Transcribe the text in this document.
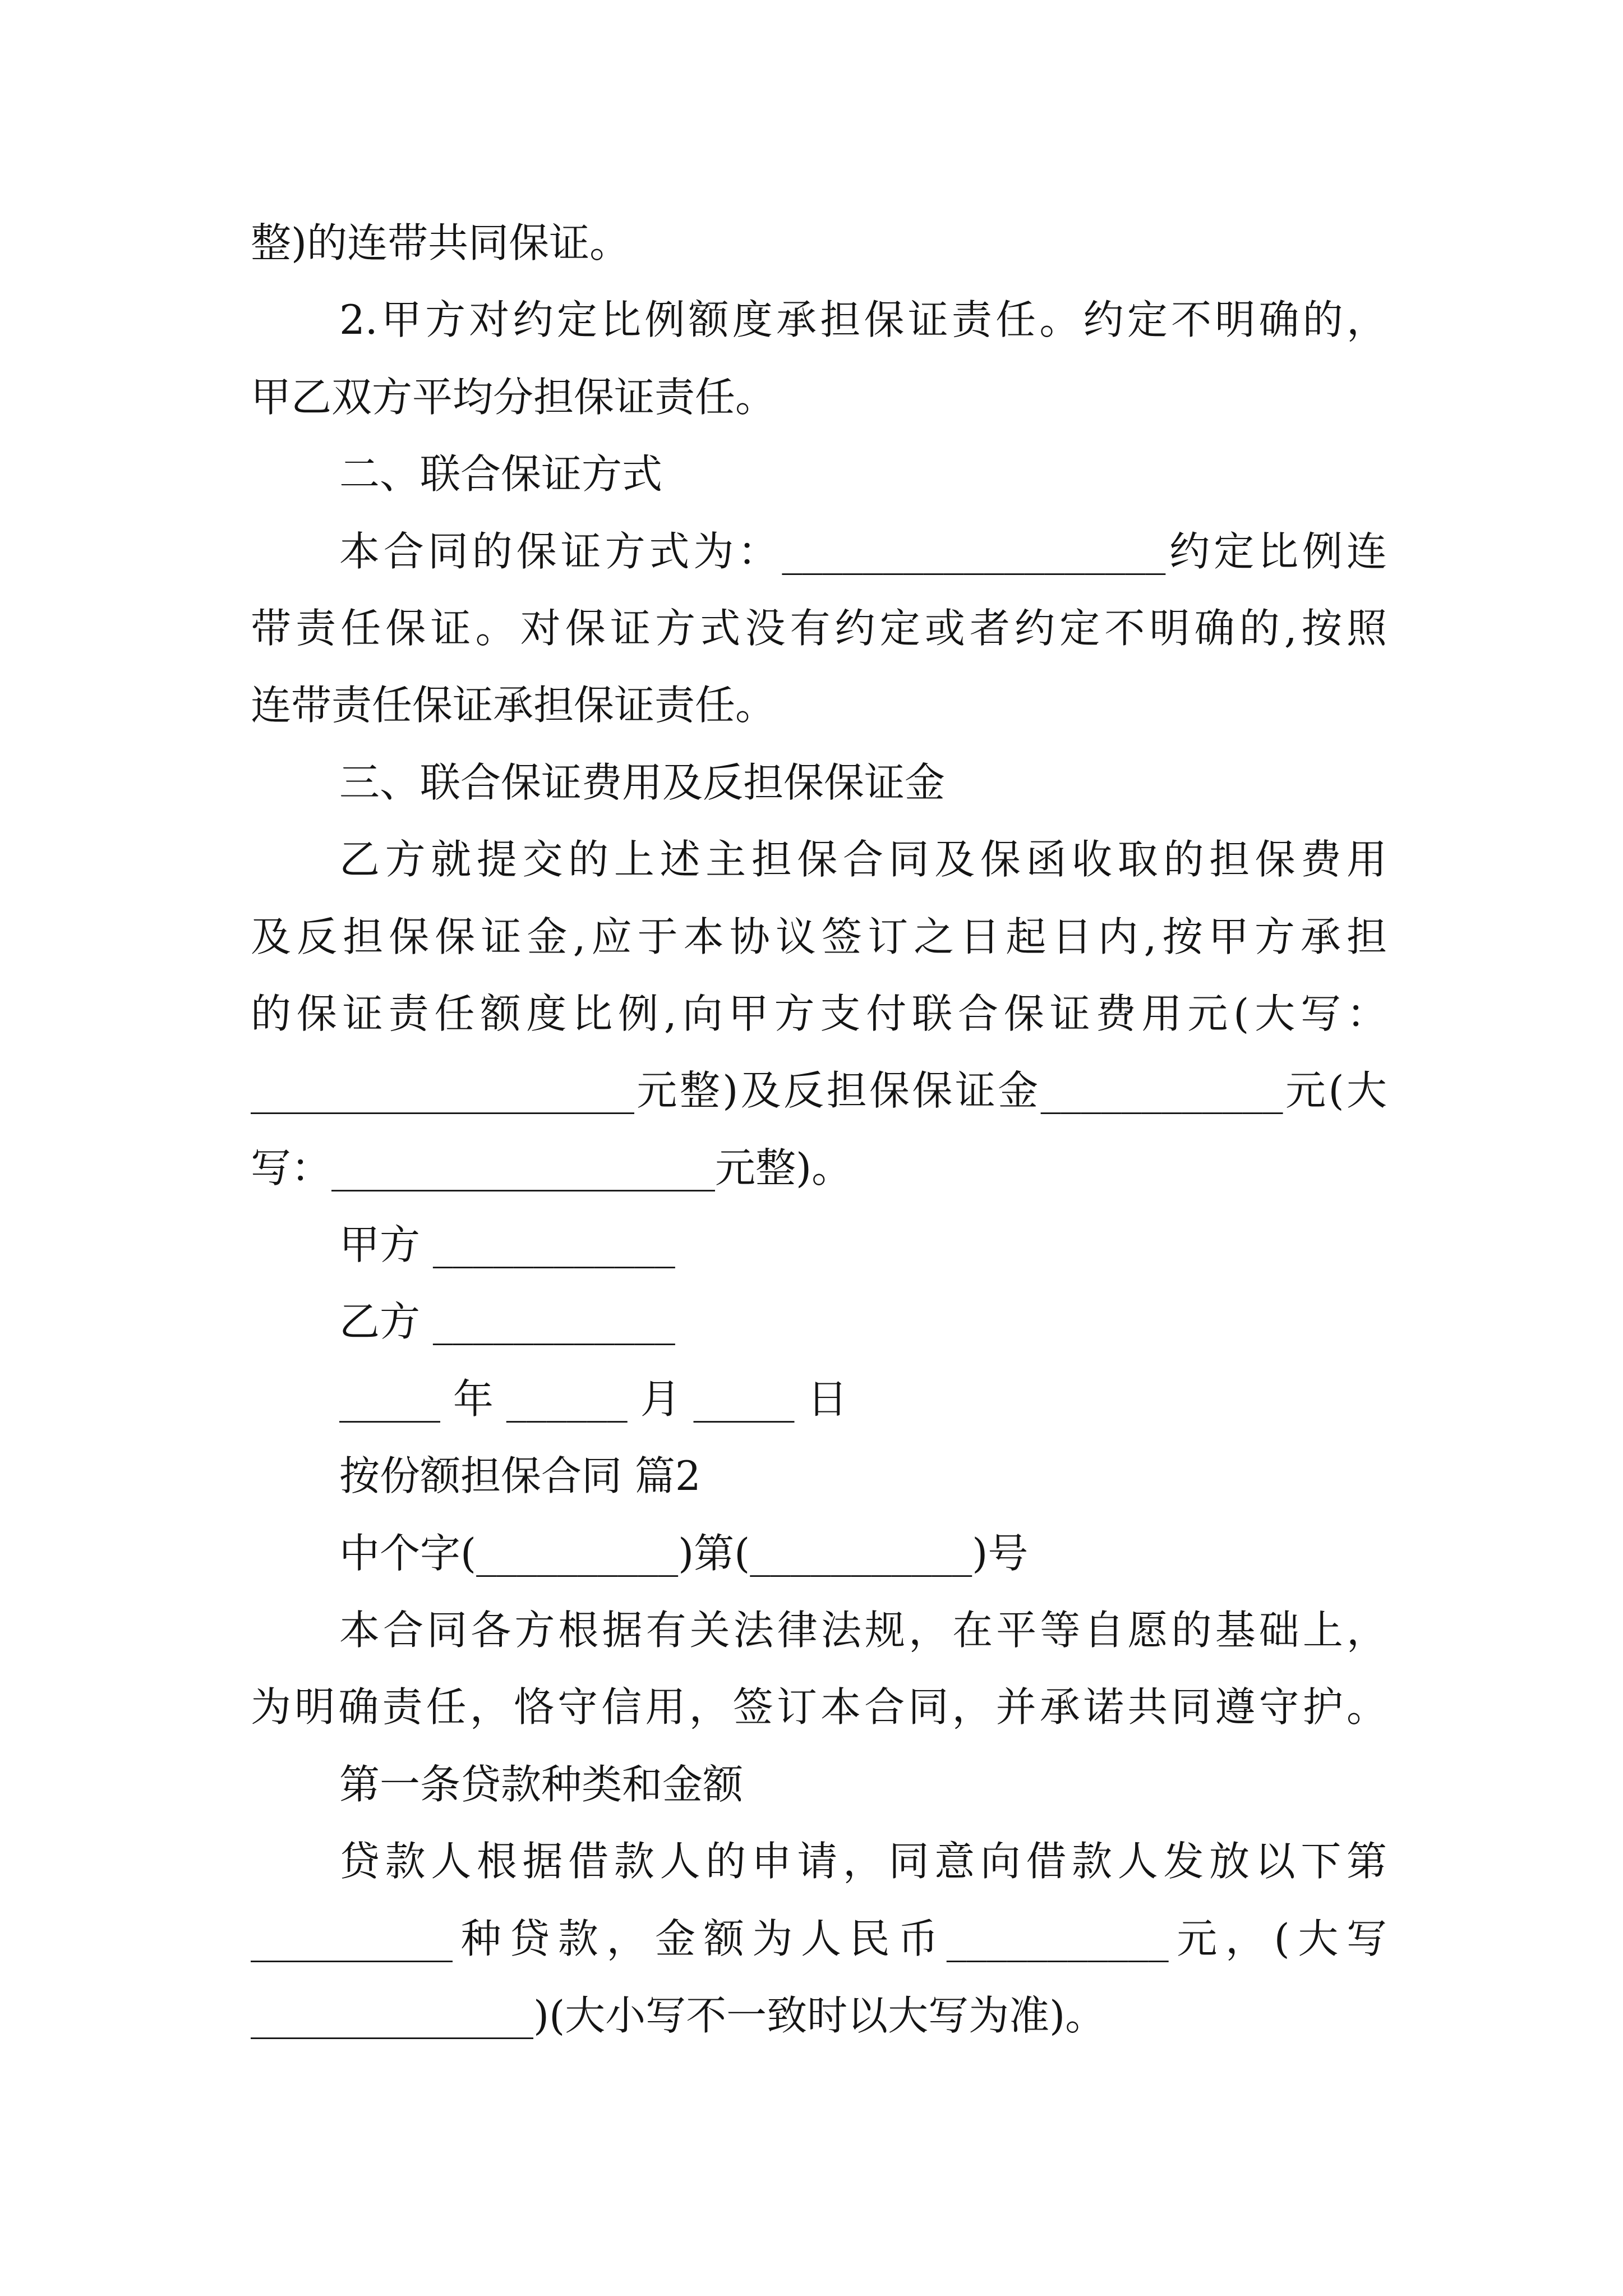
整)的连带共同保证。
2.甲方对约定比例额度承担保证责任。约定不明确的，
甲乙双方平均分担保证责任。
二、联合保证方式
本合同的保证方式为：___________________约定比例连
带责任保证。对保证方式没有约定或者约定不明确的,按照
连带责任保证承担保证责任。
三、联合保证费用及反担保保证金
乙方就提交的上述主担保合同及保函收取的担保费用
及反担保保证金,应于本协议签订之日起日内,按甲方承担
的保证责任额度比例,向甲方支付联合保证费用元(大写：
___________________元整)及反担保保证金____________元(大
写：___________________元整)。
甲方 ____________
乙方 ____________
_____ 年 ______ 月 _____ 日
按份额担保合同 篇2
中个字(__________)第(___________)号
本合同各方根据有关法律法规，在平等自愿的基础上，
为明确责任，恪守信用，签订本合同，并承诺共同遵守护。
第一条贷款种类和金额
贷款人根据借款人的申请，同意向借款人发放以下第
__________种贷款，金额为人民币___________元，(大写
______________)(大小写不一致时以大写为准)。
